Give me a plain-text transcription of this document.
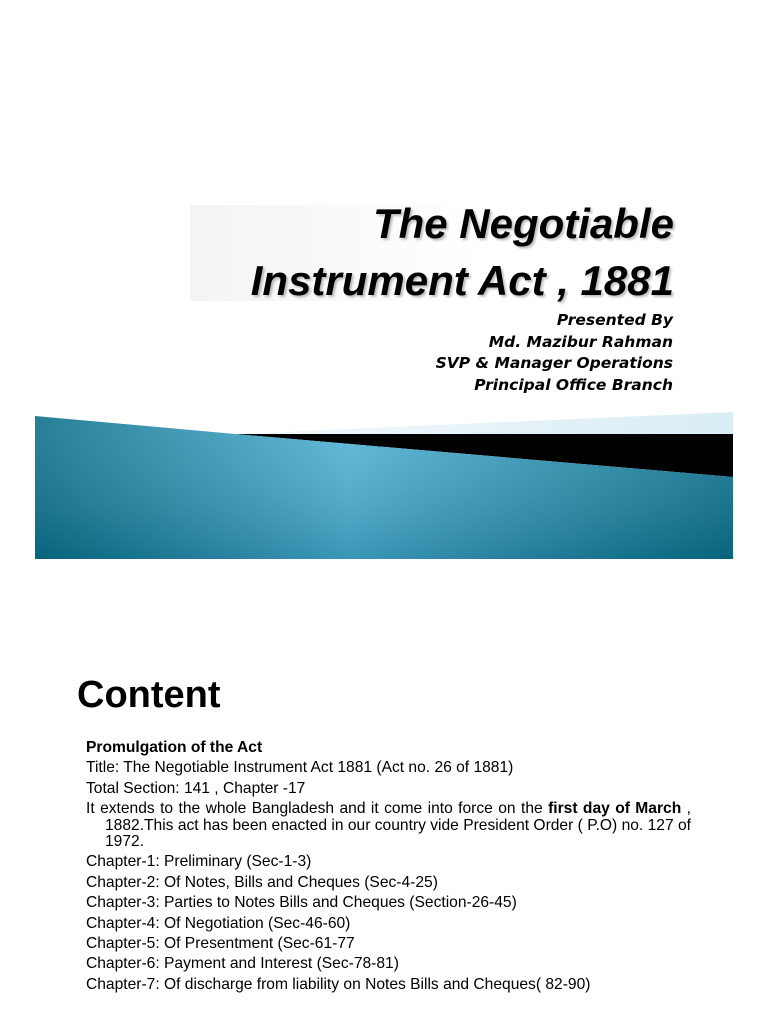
The Negotiable
Instrument Act , 1881
Presented By
Md. Mazibur Rahman
SVP & Manager Operations
Principal Office Branch
Content

Promulgation of the Act

Title: The Negotiable Instrument Act 1881 (Act no. 26 of 1881)

Total Section: 141 , Chapter -17

It extends to the whole Bangladesh and it come into force on the first day of March , 1882.This act has been enacted in our country vide President Order ( P.O) no. 127 of 1972.

Chapter-1: Preliminary (Sec-1-3)
Chapter-2: Of Notes, Bills and Cheques (Sec-4-25)
Chapter-3: Parties to Notes Bills and Cheques (Section-26-45)
Chapter-4: Of Negotiation (Sec-46-60)
Chapter-5: Of Presentment (Sec-61-77
Chapter-6: Payment and Interest (Sec-78-81)
Chapter-7: Of discharge from liability on Notes Bills and Cheques( 82-90)
